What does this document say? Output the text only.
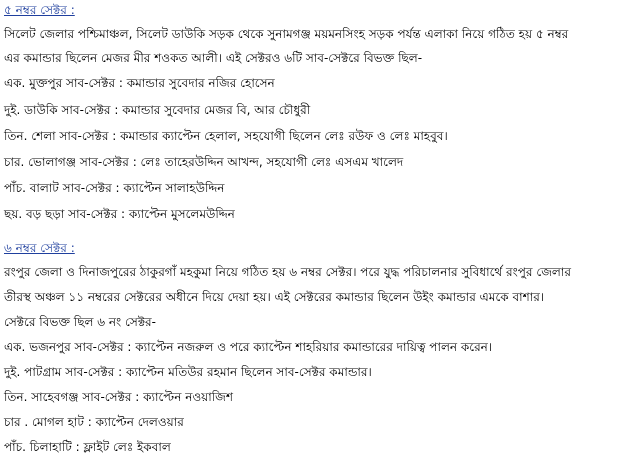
৫ নম্বর সেক্টর :
সিলেট জেলার পশ্চিমাঞ্চল, সিলেট ডাউকি সড়ক থেকে সুনামগঞ্জ ময়মনসিংহ সড়ক পর্যন্ত এলাকা নিয়ে গঠিত হয় ৫ নম্বর
এর কমান্ডার ছিলেন মেজর মীর শওকত আলী। এই সেক্টরও ৬টি সাব-সেক্টরে বিভক্ত ছিল-
এক. মুক্তপুর সাব-সেক্টর : কমান্ডার সুবেদার নজির হোসেন
দুই. ডাউকি সাব-সেক্টর : কমান্ডার সুবেদার মেজর বি, আর চৌধুরী
তিন. শেলা সাব-সেক্টর : কমান্ডার ক্যাপ্টেন হেলাল, সহযোগী ছিলেন লেঃ রউফ ও লেঃ মাহবুব।
চার. ভোলাগঞ্জ সাব-সেক্টর : লেঃ তাহেরউদ্দিন আখন্দ, সহযোগী লেঃ এসএম খালেদ
পাঁচ. বালাট সাব-সেক্টর : ক্যাপ্টেন সালাহউদ্দিন
ছয়. বড় ছড়া সাব-সেক্টর : ক্যাপ্টেন মুসলেমউদ্দিন
৬ নম্বর সেক্টর :
রংপুর জেলা ও দিনাজপুরের ঠাকুরগাঁ মহকুমা নিয়ে গঠিত হয় ৬ নম্বর সেক্টর। পরে যুদ্ধ পরিচালনার সুবিধার্থে রংপুর জেলার
তীরস্থ অঞ্চল ১১ নম্বরের সেক্টরের অধীনে দিয়ে দেয়া হয়। এই সেক্টরের কমান্ডার ছিলেন উইং কমান্ডার এমকে বাশার।
সেক্টরে বিভক্ত ছিল ৬ নং সেক্টর-
এক. ভজনপুর সাব-সেক্টর : ক্যাপ্টেন নজরুল ও পরে ক্যাপ্টেন শাহরিয়ার কমান্ডারের দায়িত্ব পালন করেন।
দুই. পাটগ্রাম সাব-সেক্টর : ক্যাপ্টেন মতিউর রহমান ছিলেন সাব-সেক্টর কমান্ডার।
তিন. সাহেবগঞ্জ সাব-সেক্টর : ক্যাপ্টেন নওয়াজিশ
চার . মোগল হাট : ক্যাপ্টেন দেলওয়ার
পাঁচ. চিলাহাটি : ফ্লাইট লেঃ ইকবাল
